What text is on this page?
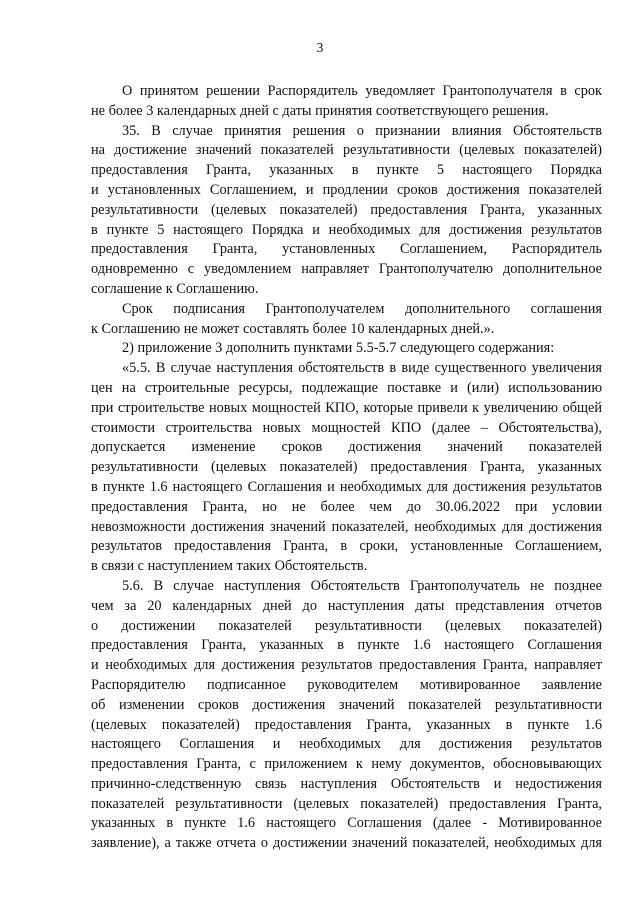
3
О принятом решении Распорядитель уведомляет Грантополучателя в срок
не более 3 календарных дней с даты принятия соответствующего решения.
35. В случае принятия решения о признании влияния Обстоятельств
на достижение значений показателей результативности (целевых показателей)
предоставления Гранта, указанных в пункте 5 настоящего Порядка
и установленных Соглашением, и продлении сроков достижения показателей
результативности (целевых показателей) предоставления Гранта, указанных
в пункте 5 настоящего Порядка и необходимых для достижения результатов
предоставления Гранта, установленных Соглашением, Распорядитель
одновременно с уведомлением направляет Грантополучателю дополнительное
соглашение к Соглашению.
Срок подписания Грантополучателем дополнительного соглашения
к Соглашению не может составлять более 10 календарных дней.».
2) приложение 3 дополнить пунктами 5.5-5.7 следующего содержания:
«5.5. В случае наступления обстоятельств в виде существенного увеличения
цен на строительные ресурсы, подлежащие поставке и (или) использованию
при строительстве новых мощностей КПО, которые привели к увеличению общей
стоимости строительства новых мощностей КПО (далее – Обстоятельства),
допускается изменение сроков достижения значений показателей
результативности (целевых показателей) предоставления Гранта, указанных
в пункте 1.6 настоящего Соглашения и необходимых для достижения результатов
предоставления Гранта, но не более чем до 30.06.2022 при условии
невозможности достижения значений показателей, необходимых для достижения
результатов предоставления Гранта, в сроки, установленные Соглашением,
в связи с наступлением таких Обстоятельств.
5.6. В случае наступления Обстоятельств Грантополучатель не позднее
чем за 20 календарных дней до наступления даты представления отчетов
о достижении показателей результативности (целевых показателей)
предоставления Гранта, указанных в пункте 1.6 настоящего Соглашения
и необходимых для достижения результатов предоставления Гранта, направляет
Распорядителю подписанное руководителем мотивированное заявление
об изменении сроков достижения значений показателей результативности
(целевых показателей) предоставления Гранта, указанных в пункте 1.6
настоящего Соглашения и необходимых для достижения результатов
предоставления Гранта, с приложением к нему документов, обосновывающих
причинно-следственную связь наступления Обстоятельств и недостижения
показателей результативности (целевых показателей) предоставления Гранта,
указанных в пункте 1.6 настоящего Соглашения (далее - Мотивированное
заявление), а также отчета о достижении значений показателей, необходимых для
